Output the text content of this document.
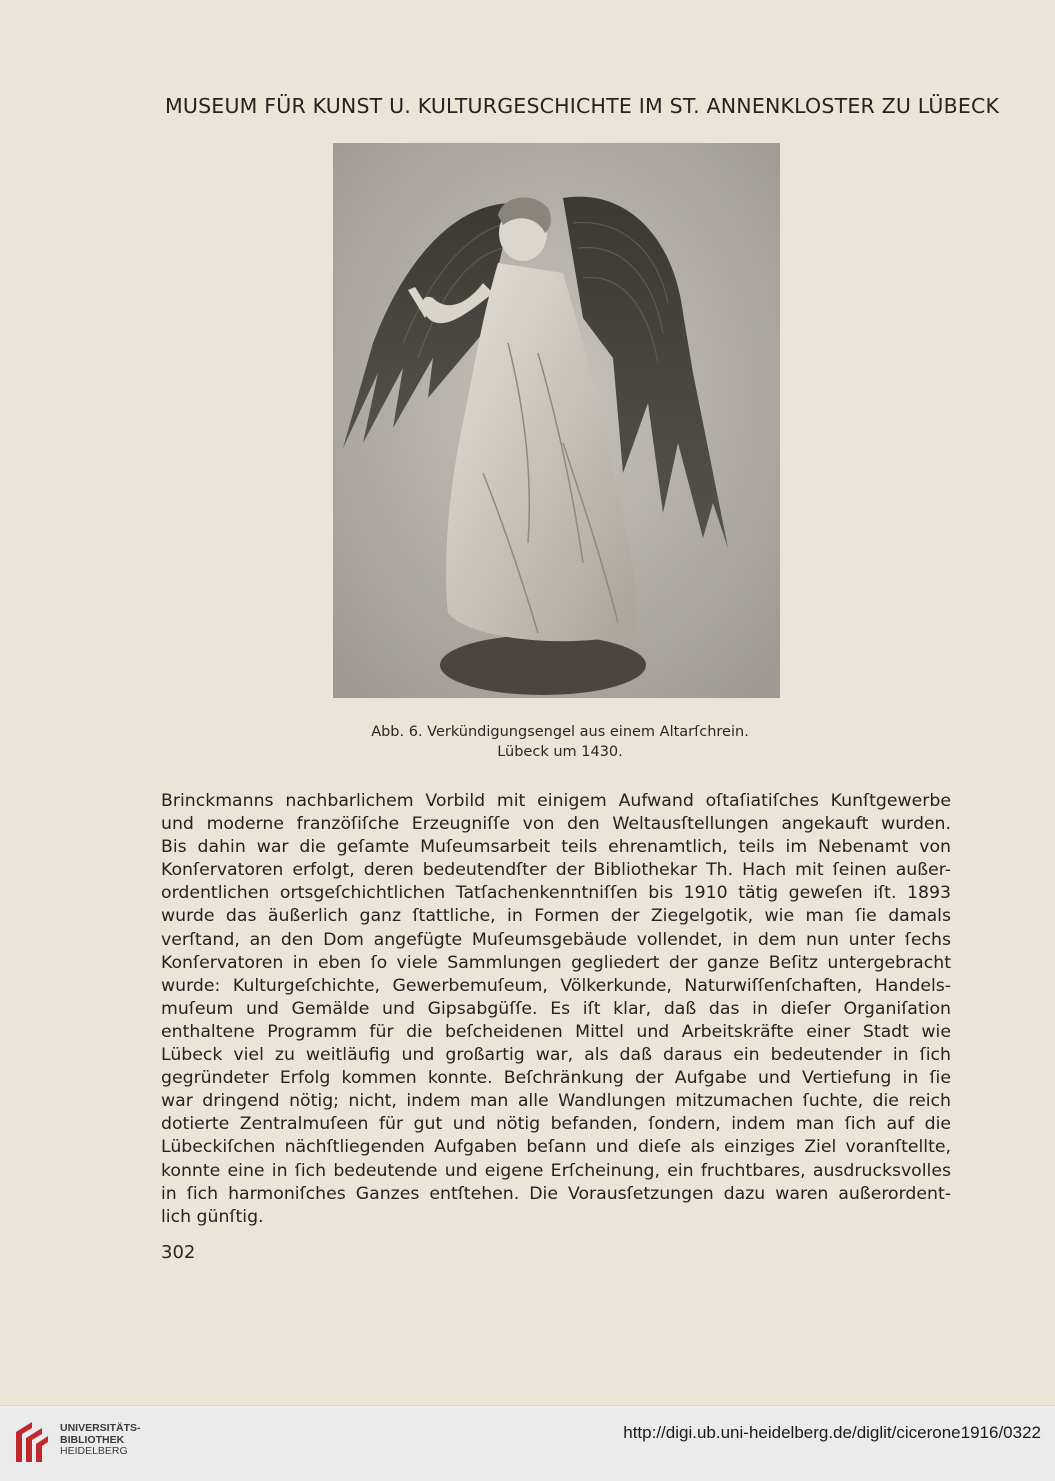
MUSEUM FÜR KUNST U. KULTURGESCHICHTE IM ST. ANNENKLOSTER ZU LÜBECK
Abb. 6. Verkündigungsengel aus einem Altarſchrein.
Lübeck um 1430.
Brinckmanns nachbarlichem Vorbild mit einigem Aufwand oſtaſiatiſches Kunſtgewerbe
und moderne franzöſiſche Erzeugniſſe von den Weltausſtellungen angekauft wurden.
Bis dahin war die geſamte Muſeumsarbeit teils ehrenamtlich, teils im Nebenamt von
Konſervatoren erfolgt, deren bedeutendſter der Bibliothekar Th. Hach mit ſeinen außer-
ordentlichen ortsgeſchichtlichen Tatſachenkenntniſſen bis 1910 tätig geweſen iſt. 1893
wurde das äußerlich ganz ſtattliche, in Formen der Ziegelgotik, wie man ſie damals
verſtand, an den Dom angefügte Muſeumsgebäude vollendet, in dem nun unter ſechs
Konſervatoren in eben ſo viele Sammlungen gegliedert der ganze Beſitz untergebracht
wurde: Kulturgeſchichte, Gewerbemuſeum, Völkerkunde, Naturwiſſenſchaften, Handels-
muſeum und Gemälde und Gipsabgüſſe. Es iſt klar, daß das in dieſer Organiſation
enthaltene Programm für die beſcheidenen Mittel und Arbeitskräfte einer Stadt wie
Lübeck viel zu weitläufig und großartig war, als daß daraus ein bedeutender in ſich
gegründeter Erfolg kommen konnte. Beſchränkung der Aufgabe und Vertiefung in ſie
war dringend nötig; nicht, indem man alle Wandlungen mitzumachen ſuchte, die reich
dotierte Zentralmuſeen für gut und nötig befanden, ſondern, indem man ſich auf die
Lübeckiſchen nächſtliegenden Aufgaben beſann und dieſe als einziges Ziel voranſtellte,
konnte eine in ſich bedeutende und eigene Erſcheinung, ein fruchtbares, ausdrucksvolles
in ſich harmoniſches Ganzes entſtehen. Die Vorausſetzungen dazu waren außerordent-
lich günſtig.
302
UNIVERSITÄTS-
BIBLIOTHEK
HEIDELBERG
http://digi.ub.uni-heidelberg.de/diglit/cicerone1916/0322
